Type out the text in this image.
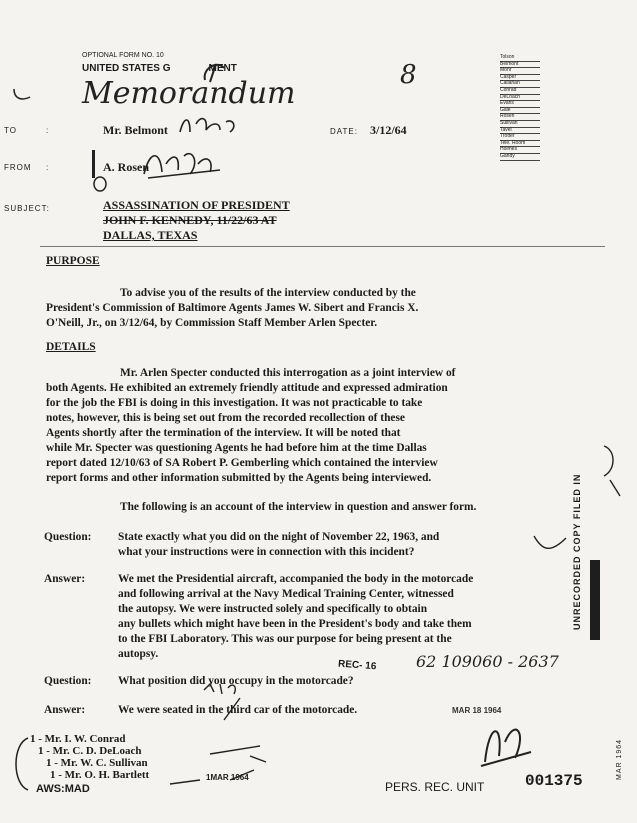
OPTIONAL FORM NO. 10
UNITED STATES G	MENT	8
Memorandum
Tolson
Belmont
Mohr
Casper
Callahan
Conrad
DeLoach
Evans
Gale
Rosen
Sullivan
Tavel
Trotter
Tele. Room
Holmes
Gandy
TO	:	Mr. Belmont	DATE: 3/12/64
FROM :	A. Rosen
SUBJECT:	ASSASSINATION OF PRESIDENT
JOHN F. KENNEDY, 11/22/63 AT
DALLAS, TEXAS
PURPOSE
To advise you of the results of the interview conducted by the
President's Commission of Baltimore Agents James W. Sibert and Francis X.
O'Neill, Jr., on 3/12/64, by Commission Staff Member Arlen Specter.
DETAILS
Mr. Arlen Specter conducted this interrogation as a joint interview of
both Agents. He exhibited an extremely friendly attitude and expressed admiration
for the job the FBI is doing in this investigation. It was not practicable to take
notes, however, this is being set out from the recorded recollection of these
Agents shortly after the termination of the interview. It will be noted that
while Mr. Specter was questioning Agents he had before him at the time Dallas
report dated 12/10/63 of SA Robert P. Gemberling which contained the interview
report forms and other information submitted by the Agents being interviewed.
The following is an account of the interview in question and answer form.
Question: State exactly what you did on the night of November 22, 1963, and
what your instructions were in connection with this incident?
Answer:	We met the Presidential aircraft, accompanied the body in the motorcade
and following arrival at the Navy Medical Training Center, witnessed
the autopsy. We were instructed solely and specifically to obtain
any bullets which might have been in the President's body and take them
to the FBI Laboratory. This was our purpose for being present at the
autopsy.
Question: What position did you occupy in the motorcade?
Answer:	We were seated in the third car of the motorcade.
REC- 16 62 109060 - 2637
MAR 18 1964
1 - Mr. I. W. Conrad
1 - Mr. C. D. DeLoach
1 - Mr. W. C. Sullivan
1 - Mr. O. H. Bartlett
AWS:MAD
1MAR 1964
PERS. REC. UNIT	001375
UNRECORDED COPY FILED IN
MAR 1964
